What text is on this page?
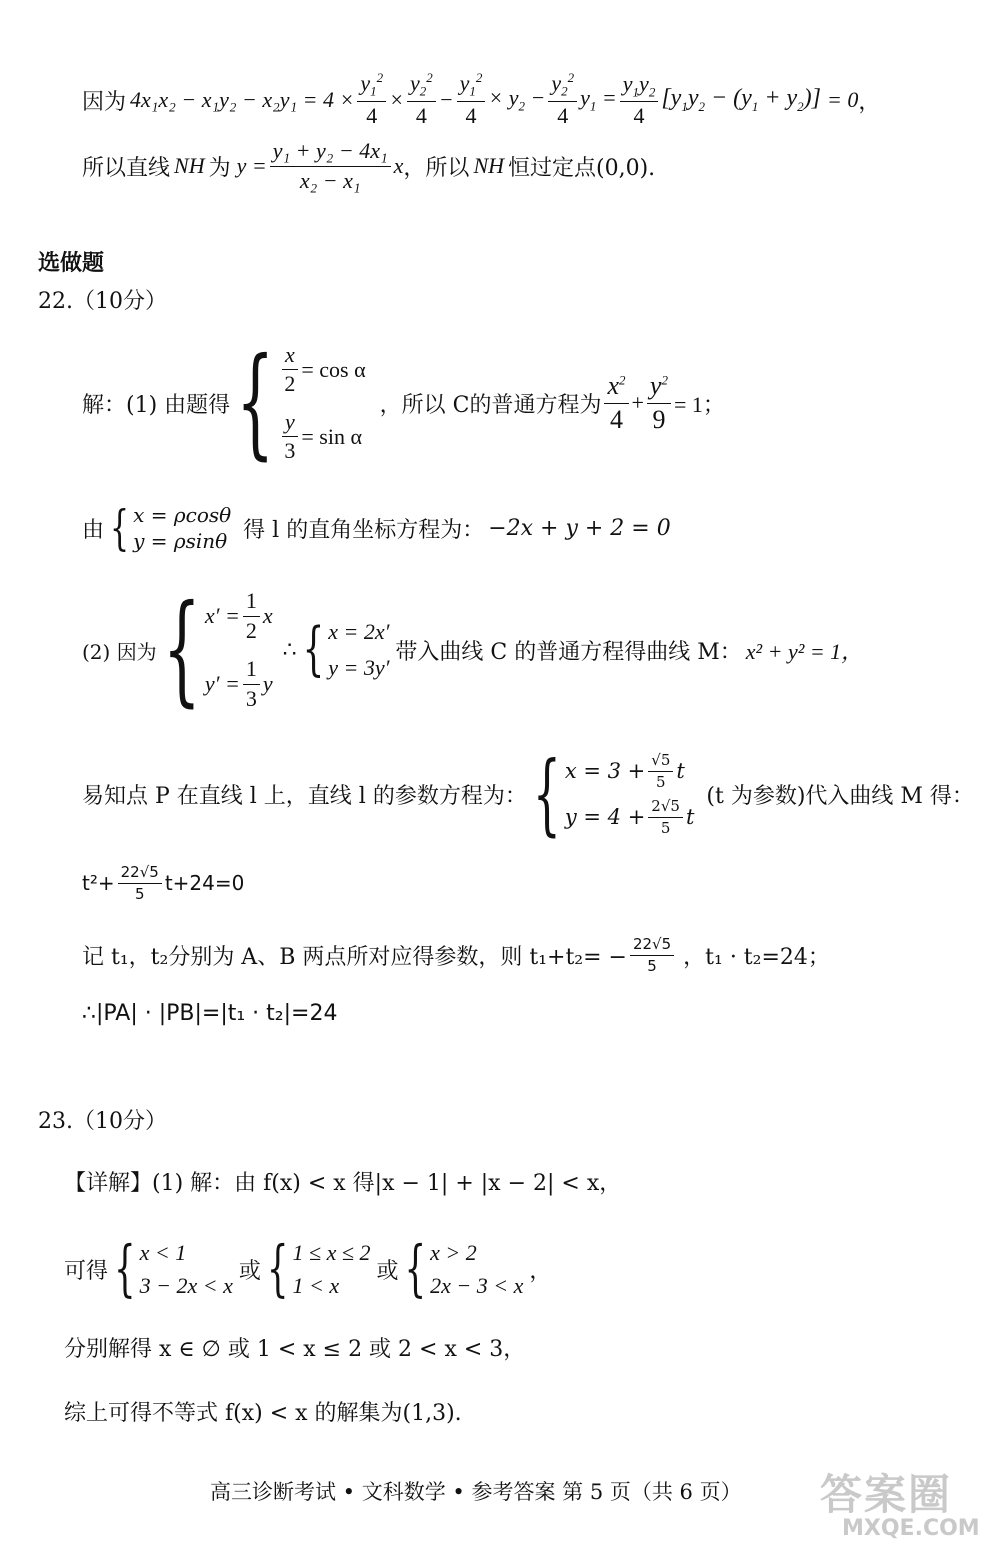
因为 $4x_1x_2 - x_1y_2 - x_2y_1 = 4 \times \frac{y_1^2}{4} \times \frac{y_2^2}{4} - \frac{y_1^2}{4} \times y_2 - \frac{y_2^2}{4} y_1 = \frac{y_1y_2}{4} [y_1y_2 - (y_1 + y_2)] = 0$ ，
所以直线 NH 为 $y = \frac{\text{y₁ + y₂ − 4x₁}}{\text{x₂ − x₁}}$ x ，所以 NH 恒过定点(0,0).
选做题
22.（10分）
解：(1) 由题得 { $\frac{x}{2} = \cos \alpha$
$\frac{y}{3} = \sin \alpha$
，所以 C的普通方程为 $\frac{x^2}{4} + \frac{y^2}{9} = 1$；
由 { x = ρcosθ
y = ρsinθ 得 l 的直角坐标方程为： −2x + y + 2 = 0
(2) 因为 { $x' = \frac{1}{2}$ x
$y' = \frac{1}{3}$ y
∴ { x = 2x′
y = 3y′
带入曲线 C 的普通方程得曲线 M： x² + y² = 1，
易知点 P 在直线 l 上，直线 l 的参数方程为： { $x = 3 + \frac{√5}{5}$ t
$y = 4 + \frac{2√5}{5}$ t
(t 为参数)代入曲线 M 得：
$t^2+ \frac{22√5}{5} t+24=0$
记 t₁，t₂分别为 A、B 两点所对应得参数，则 $t_1+t_2= - \frac{22√5}{5}$ ，t₁ · t₂=24；
∴|PA| · |PB|=|t₁ · t₂|=24
23.（10分）
【详解】(1) 解：由 f(x) < x 得|x − 1| + |x − 2| < x，
可得 { x < 1
3 − 2x < x
或 { 1 ≤ x ≤ 2
1 < x
或 { x > 2
2x − 3 < x
，
分别解得 x ∈ ∅ 或 1 < x ≤ 2 或 2 < x < 3，
综上可得不等式 f(x) < x 的解集为(1,3).
高三诊断考试 • 文科数学 • 参考答案 第 5 页（共 6 页） 答案圈
MXQE.COM
